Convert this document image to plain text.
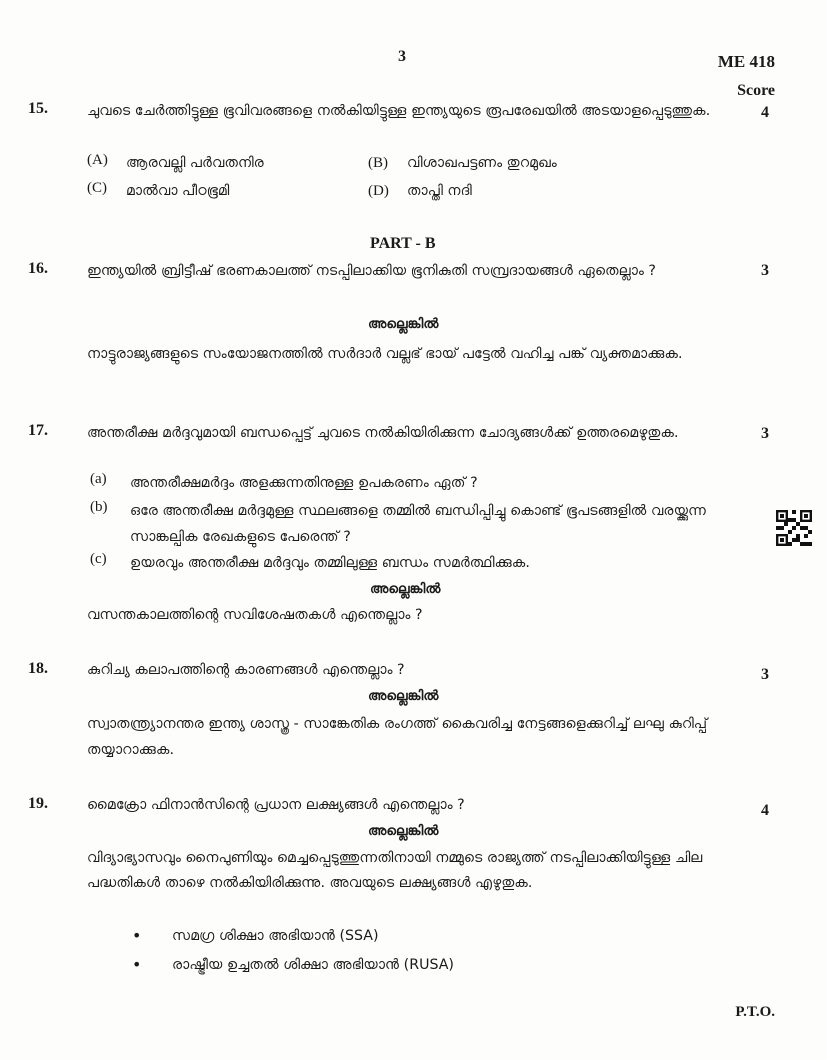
3	ME 418
Score
15.	ചുവടെ ചേർത്തിട്ടുള്ള ഭൂവിവരങ്ങളെ നൽകിയിട്ടുള്ള ഇന്ത്യയുടെ രൂപരേഖയിൽ അടയാളപ്പെടുത്തുക.	4
(A) ആരവല്ലി പർവതനിര	(B) വിശാഖപട്ടണം തുറമുഖം
(C) മാൽവാ പീഠഭൂമി	(D) താപ്തി നദി
PART - B
16.	ഇന്ത്യയിൽ ബ്രിട്ടീഷ് ഭരണകാലത്ത് നടപ്പിലാക്കിയ ഭൂനികുതി സമ്പ്രദായങ്ങൾ ഏതെല്ലാം ?	3
അല്ലെങ്കിൽ
നാട്ടുരാജ്യങ്ങളുടെ സംയോജനത്തിൽ സർദാർ വല്ലഭ് ഭായ് പട്ടേൽ വഹിച്ച പങ്ക് വ്യക്തമാക്കുക.
17.	അന്തരീക്ഷ മർദ്ദവുമായി ബന്ധപ്പെട്ട് ചുവടെ നൽകിയിരിക്കുന്ന ചോദ്യങ്ങൾക്ക് ഉത്തരമെഴുതുക.	3
(a) അന്തരീക്ഷമർദ്ദം അളക്കുന്നതിനുള്ള ഉപകരണം ഏത് ?
(b) ഒരേ അന്തരീക്ഷ മർദ്ദമുള്ള സ്ഥലങ്ങളെ തമ്മിൽ ബന്ധിപ്പിച്ചു കൊണ്ട് ഭൂപടങ്ങളിൽ വരയ്ക്കുന്ന സാങ്കല്പിക രേഖകളുടെ പേരെന്ത് ?
(c) ഉയരവും അന്തരീക്ഷ മർദ്ദവും തമ്മിലുള്ള ബന്ധം സമർത്ഥിക്കുക.
അല്ലെങ്കിൽ
വസന്തകാലത്തിന്റെ സവിശേഷതകൾ എന്തെല്ലാം ?
18.	കുറിച്യ കലാപത്തിന്റെ കാരണങ്ങൾ എന്തെല്ലാം ?	3
അല്ലെങ്കിൽ
സ്വാതന്ത്ര്യാനന്തര ഇന്ത്യ ശാസ്ത്ര - സാങ്കേതിക രംഗത്ത് കൈവരിച്ച നേട്ടങ്ങളെക്കുറിച്ച് ലഘു കുറിപ്പ് തയ്യാറാക്കുക.
19.	മൈക്രോ ഫിനാൻസിന്റെ പ്രധാന ലക്ഷ്യങ്ങൾ എന്തെല്ലാം ?	4
അല്ലെങ്കിൽ
വിദ്യാഭ്യാസവും നൈപുണിയും മെച്ചപ്പെടുത്തുന്നതിനായി നമ്മുടെ രാജ്യത്ത് നടപ്പിലാക്കിയിട്ടുള്ള ചില പദ്ധതികൾ താഴെ നൽകിയിരിക്കുന്നു. അവയുടെ ലക്ഷ്യങ്ങൾ എഴുതുക.
• സമഗ്ര ശിക്ഷാ അഭിയാൻ (SSA)
• രാഷ്ട്രീയ ഉച്ചതൽ ശിക്ഷാ അഭിയാൻ (RUSA)
P.T.O.
